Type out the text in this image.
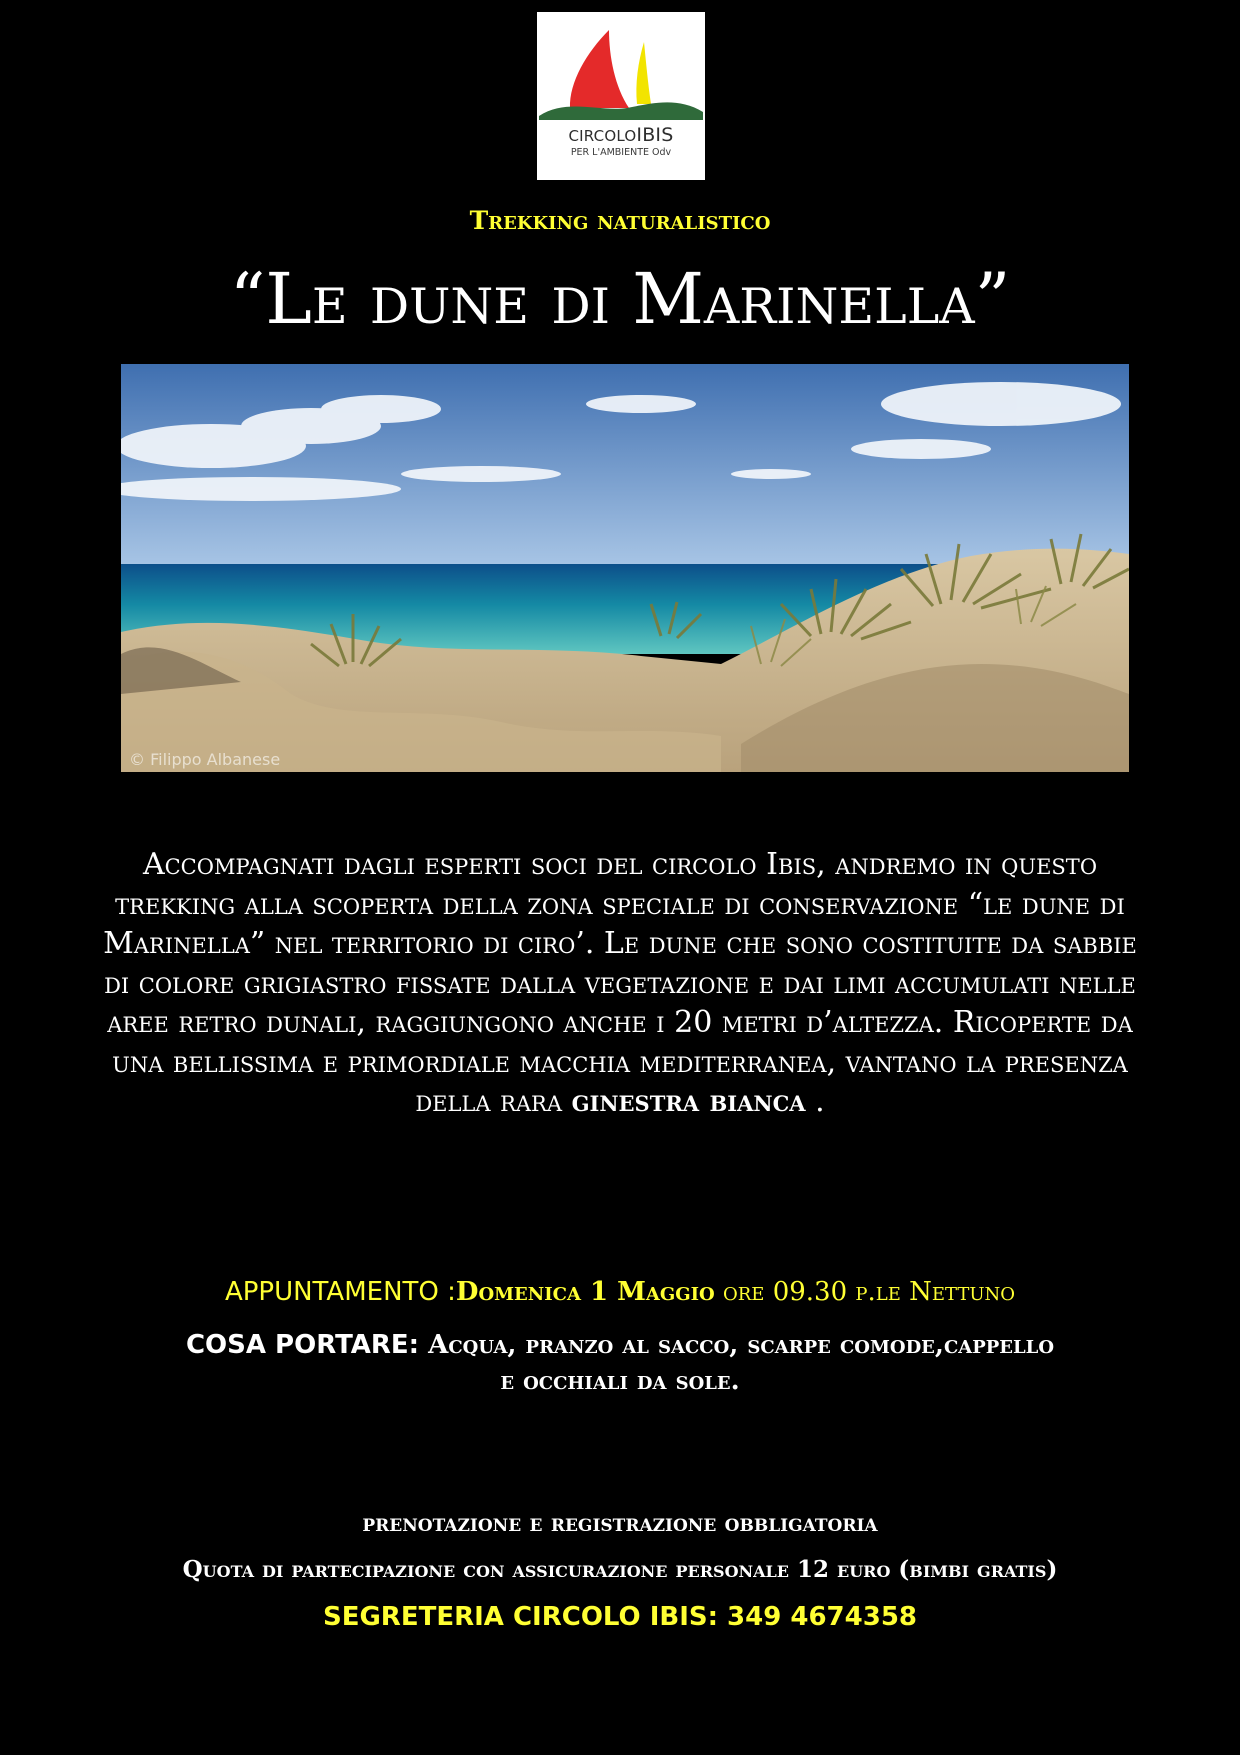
CIRCOLOIBIS
PER L'AMBIENTE Odv
Trekking naturalistico
“Le dune di Marinella”
© Filippo Albanese
Accompagnati dagli esperti soci del circolo Ibis, andremo in questo trekking alla scoperta della zona speciale di conservazione “le dune di Marinella” nel territorio di ciro’. Le dune che sono costituite da sabbie di colore grigiastro fissate dalla vegetazione e dai limi accumulati nelle aree retro dunali, raggiungono anche i 20 metri d’altezza. Ricoperte da una bellissima e primordiale macchia mediterranea, vantano la presenza della rara ginestra bianca .
APPUNTAMENTO :Domenica 1 Maggio ore 09.30 p.le Nettuno
COSA PORTARE: Acqua, pranzo al sacco, scarpe comode,cappello e occhiali da sole.
prenotazione e registrazione obbligatoria
Quota di partecipazione con assicurazione personale 12 euro (bimbi gratis)
SEGRETERIA CIRCOLO IBIS: 349 4674358
